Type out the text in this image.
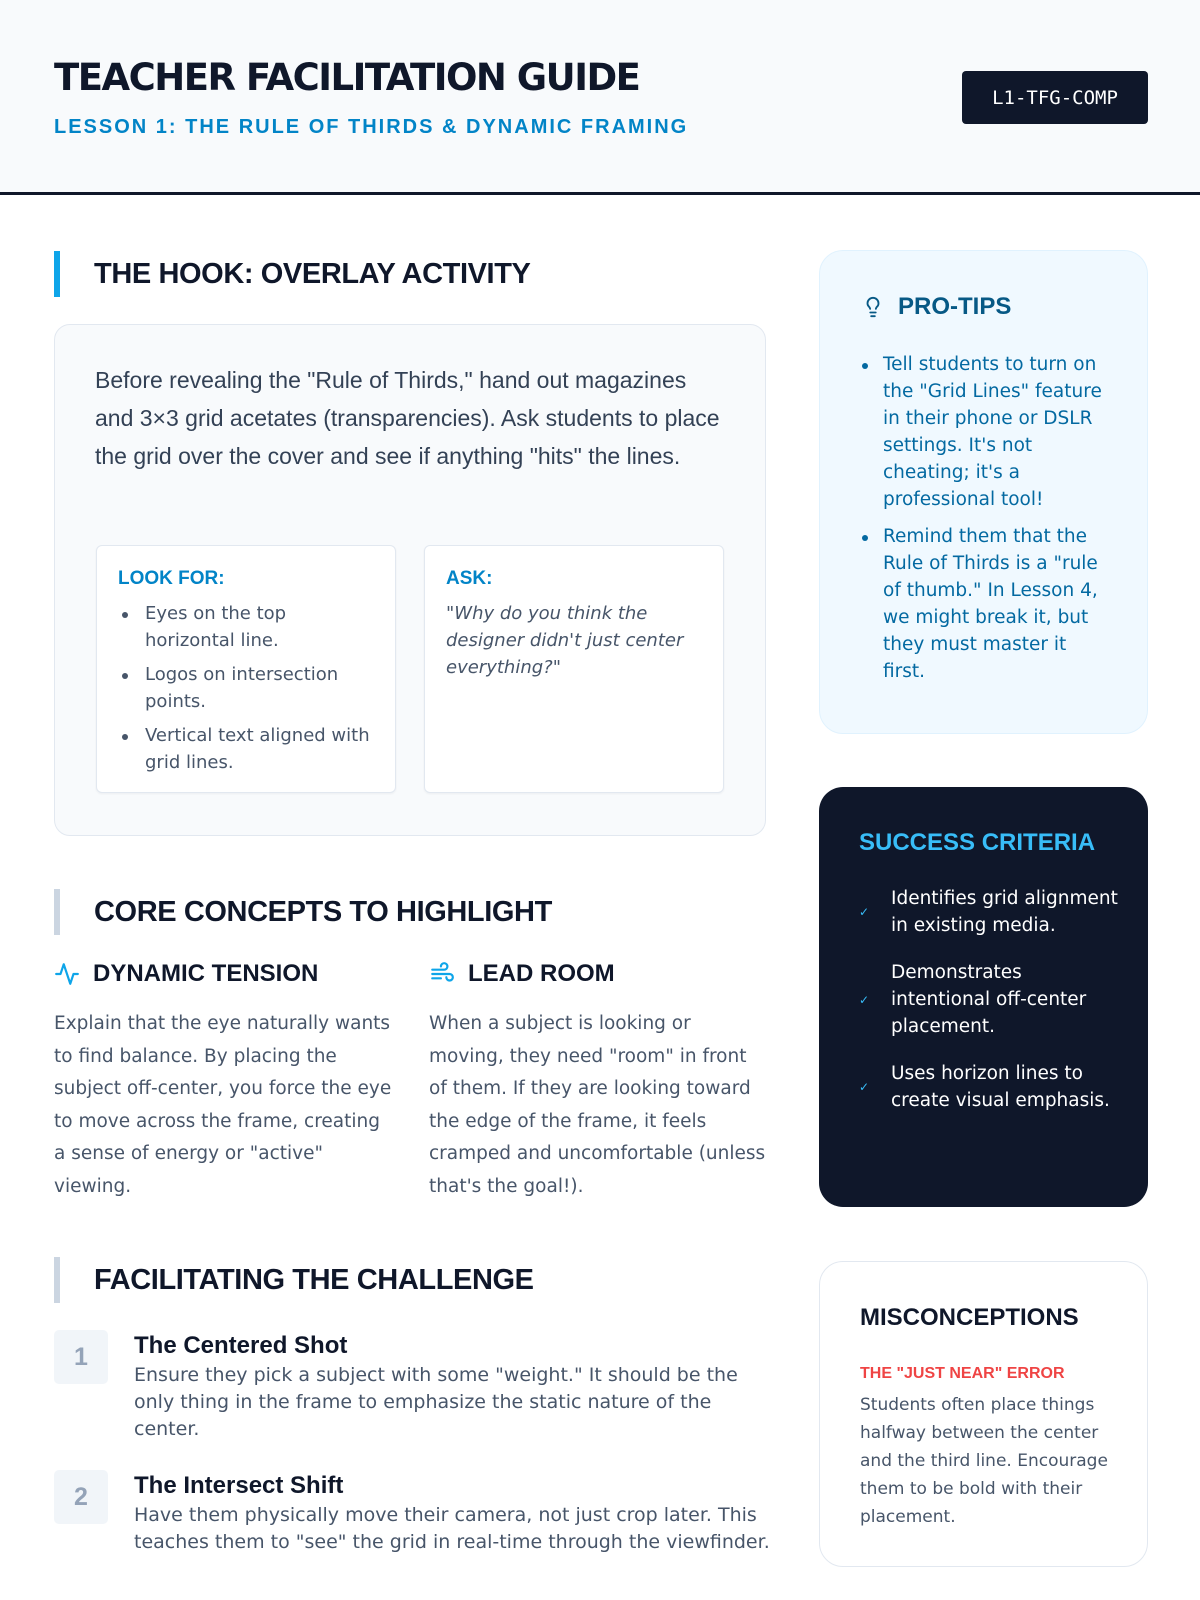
TEACHER FACILITATION GUIDE
LESSON 1: THE RULE OF THIRDS & DYNAMIC FRAMING
L1-TFG-COMP
THE HOOK: OVERLAY ACTIVITY

Before revealing the "Rule of Thirds," hand out magazines and 3×3 grid acetates (transparencies). Ask students to place the grid over the cover and see if anything "hits" the lines.

LOOK FOR:
Eyes on the top horizontal line.
Logos on intersection points.
Vertical text aligned with grid lines.
ASK:

"Why do you think the designer didn't just center everything?"

CORE CONCEPTS TO HIGHLIGHT
DYNAMIC TENSION

Explain that the eye naturally wants to find balance. By placing the subject off-center, you force the eye to move across the frame, creating a sense of energy or "active" viewing.

LEAD ROOM

When a subject is looking or moving, they need "room" in front of them. If they are looking toward the edge of the frame, it feels cramped and uncomfortable (unless that's the goal!).

FACILITATING THE CHALLENGE
1	The Centered Shot

Ensure they pick a subject with some "weight." It should be the only thing in the frame to emphasize the static nature of the center.

2	The Intersect Shift

Have them physically move their camera, not just crop later. This teaches them to "see" the grid in real-time through the viewfinder.

PRO-TIPS
Tell students to turn on the "Grid Lines" feature in their phone or DSLR settings. It's not cheating; it's a professional tool!
Remind them that the Rule of Thirds is a "rule of thumb." In Lesson 4, we might break it, but they must master it first.
SUCCESS CRITERIA
✓
Identifies grid alignment in existing media.
✓
Demonstrates intentional off-center placement.
✓
Uses horizon lines to create visual emphasis.
MISCONCEPTIONS
THE "JUST NEAR" ERROR

Students often place things halfway between the center and the third line. Encourage them to be bold with their placement.
